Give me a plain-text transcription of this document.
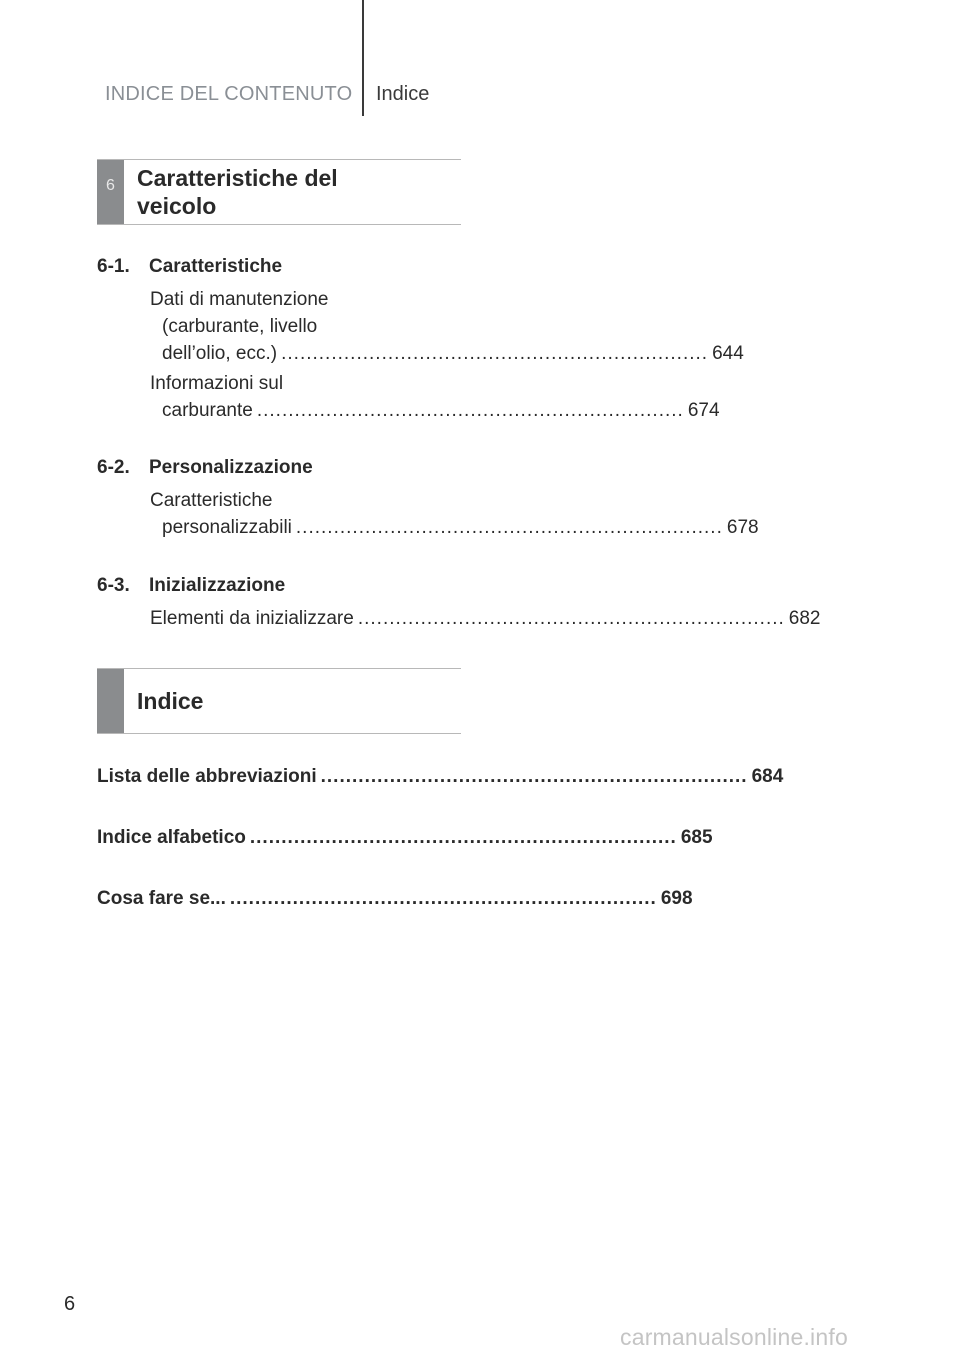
INDICE DEL CONTENUTO Indice
6 Caratteristiche del
veicolo
6-1. Caratteristiche
Dati di manutenzione
(carburante, livello
dell’olio, ecc.) .................................................................... 644
Informazioni sul
carburante .................................................................... 674
6-2. Personalizzazione
Caratteristiche
personalizzabili .................................................................... 678
6-3. Inizializzazione
Elementi da inizializzare .................................................................... 682
Indice
Lista delle abbreviazioni .................................................................... 684
Indice alfabetico .................................................................... 685
Cosa fare se... .................................................................... 698
6
carmanualsonline.info
